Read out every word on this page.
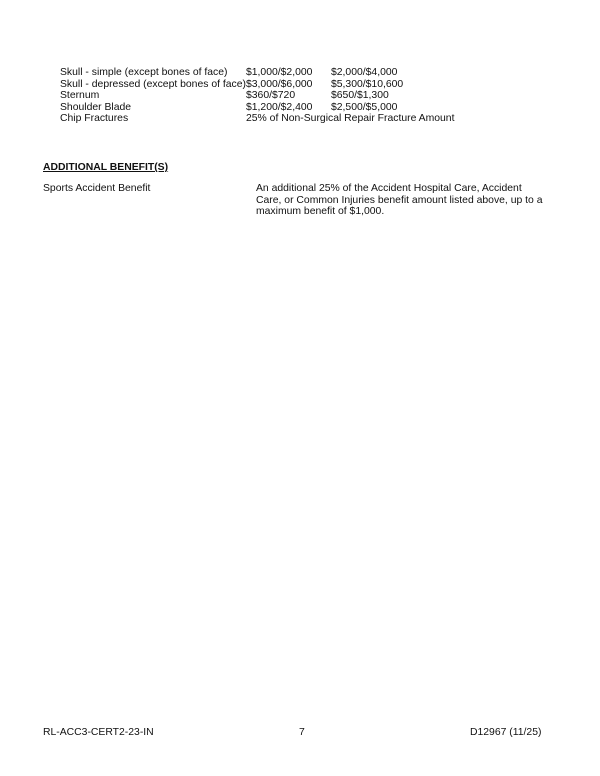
Skull - simple (except bones of face)	$1,000/$2,000	$2,000/$4,000
Skull - depressed (except bones of face)	$3,000/$6,000	$5,300/$10,600
Sternum	$360/$720	$650/$1,300
Shoulder Blade	$1,200/$2,400	$2,500/$5,000
Chip Fractures	25% of Non-Surgical Repair Fracture Amount	
ADDITIONAL BENEFIT(S)
Sports Accident Benefit	An additional 25% of the Accident Hospital Care, Accident Care, or Common Injuries benefit amount listed above, up to a maximum benefit of $1,000.
RL-ACC3-CERT2-23-IN	7	D12967 (11/25)
